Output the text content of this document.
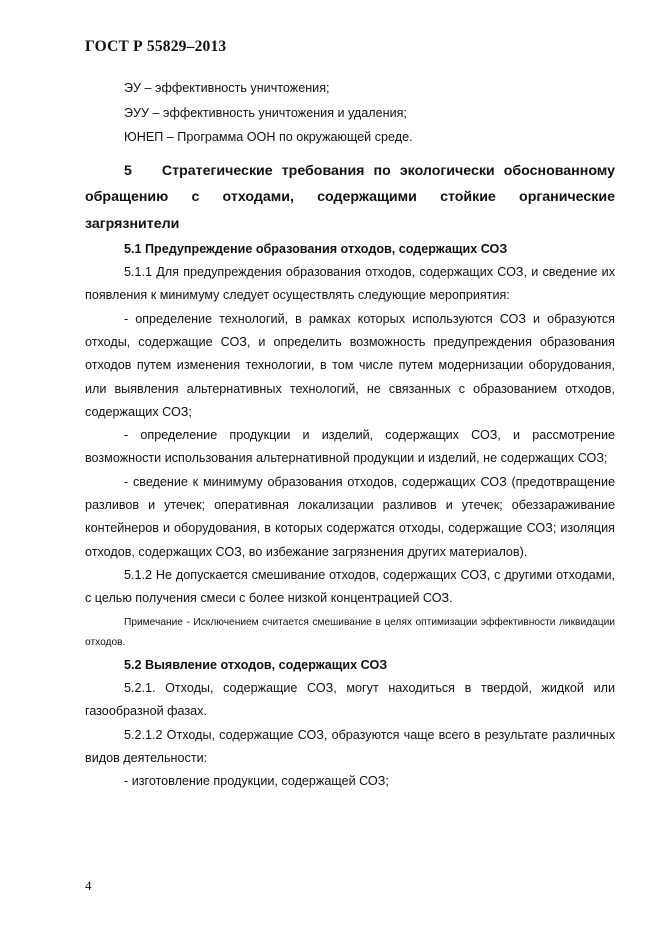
ГОСТ Р 55829–2013

ЭУ – эффективность уничтожения;

ЭУУ – эффективность уничтожения и удаления;

ЮНЕП – Программа ООН по окружающей среде.

5 Стратегические требования по экологически обоснованному обращению с отходами, содержащими стойкие органические загрязнители

5.1 Предупреждение образования отходов, содержащих СОЗ

5.1.1 Для предупреждения образования отходов, содержащих СОЗ, и сведение их появления к минимуму следует осуществлять следующие мероприятия:

- определение технологий, в рамках которых используются СОЗ и образуются отходы, содержащие СОЗ, и определить возможность предупреждения образования отходов путем изменения технологии, в том числе путем модернизации оборудования, или выявления альтернативных технологий, не связанных с образованием отходов, содержащих СОЗ;

- определение продукции и изделий, содержащих СОЗ, и рассмотрение возможности использования альтернативной продукции и изделий, не содержащих СОЗ;

- сведение к минимуму образования отходов, содержащих СОЗ (предотвращение разливов и утечек; оперативная локализации разливов и утечек; обеззараживание контейнеров и оборудования, в которых содержатся отходы, содержащие СОЗ; изоляция отходов, содержащих СОЗ, во избежание загрязнения других материалов).

5.1.2 Не допускается смешивание отходов, содержащих СОЗ, с другими отходами, с целью получения смеси с более низкой концентрацией СОЗ.

Примечание - Исключением считается смешивание в целях оптимизации эффективности ликвидации отходов.

5.2 Выявление отходов, содержащих СОЗ

5.2.1. Отходы, содержащие СОЗ, могут находиться в твердой, жидкой или газообразной фазах.

5.2.1.2 Отходы, содержащие СОЗ, образуются чаще всего в результате различных видов деятельности:

- изготовление продукции, содержащей СОЗ;

4
